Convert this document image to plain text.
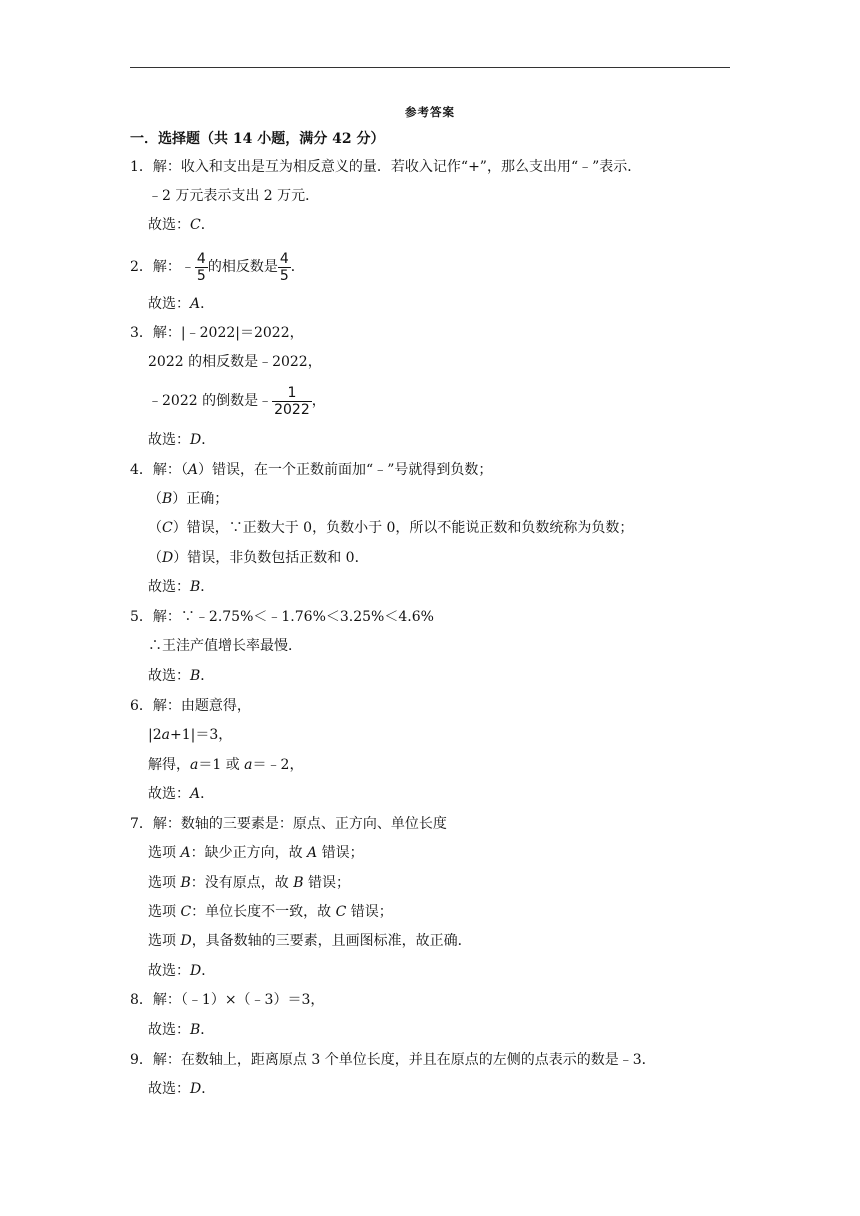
参考答案
一．选择题（共 14 小题，满分 42 分）
1．解：收入和支出是互为相反意义的量．若收入记作“+”，那么支出用“﹣”表示．
﹣2 万元表示支出 2 万元．
故选：C．
2．解：﹣ $\frac{4}{5}$ 的相反数是 $\frac{4}{5}$ ．
故选：A．
3．解：|﹣2022|＝2022，
2022 的相反数是﹣2022，
﹣2022 的倒数是﹣ $\frac{1}{2022}$ ，
故选：D．
4．解：（A）错误，在一个正数前面加“﹣”号就得到负数；
（B）正确；
（C）错误，∵正数大于 0，负数小于 0，所以不能说正数和负数统称为负数；
（D）错误，非负数包括正数和 0．
故选：B．
5．解：∵﹣2.75%＜﹣1.76%＜3.25%＜4.6%
∴王洼产值增长率最慢．
故选：B．
6．解：由题意得，
|2a+1|＝3，
解得，a＝1 或 a＝﹣2，
故选：A．
7．解：数轴的三要素是：原点、正方向、单位长度
选项 A：缺少正方向，故 A 错误；
选项 B：没有原点，故 B 错误；
选项 C：单位长度不一致，故 C 错误；
选项 D，具备数轴的三要素，且画图标准，故正确．
故选：D．
8．解：（﹣1）×（﹣3）＝3，
故选：B．
9．解：在数轴上，距离原点 3 个单位长度，并且在原点的左侧的点表示的数是﹣3．
故选：D．
